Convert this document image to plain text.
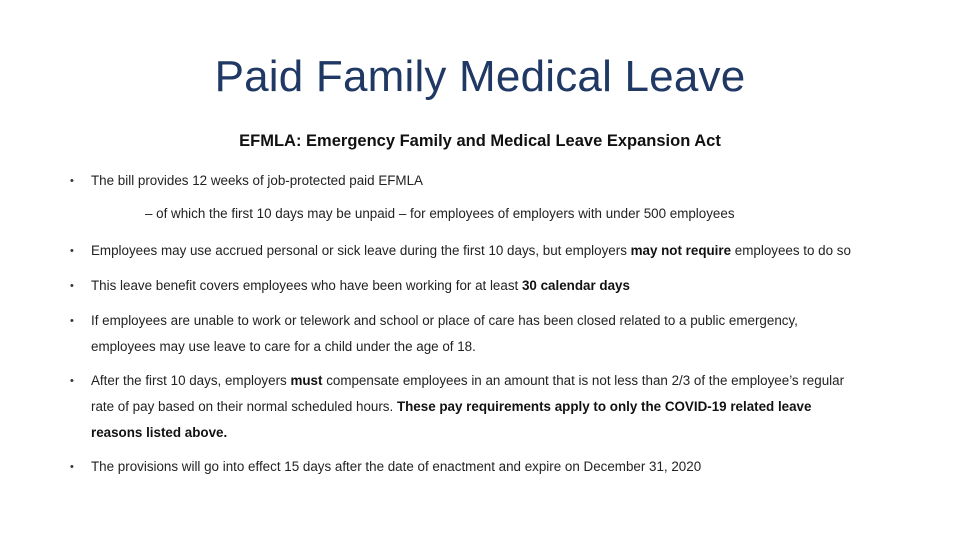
Paid Family Medical Leave
EFMLA: Emergency Family and Medical Leave Expansion Act
• The bill provides 12 weeks of job-protected paid EFMLA
– of which the first 10 days may be unpaid – for employees of employers with under 500 employees
• Employees may use accrued personal or sick leave during the first 10 days, but employers may not require employees to do so
• This leave benefit covers employees who have been working for at least 30 calendar days
• If employees are unable to work or telework and school or place of care has been closed related to a public emergency,
employees may use leave to care for a child under the age of 18.
• After the first 10 days, employers must compensate employees in an amount that is not less than 2/3 of the employee’s regular
rate of pay based on their normal scheduled hours. These pay requirements apply to only the COVID-19 related leave
reasons listed above.
• The provisions will go into effect 15 days after the date of enactment and expire on December 31, 2020
